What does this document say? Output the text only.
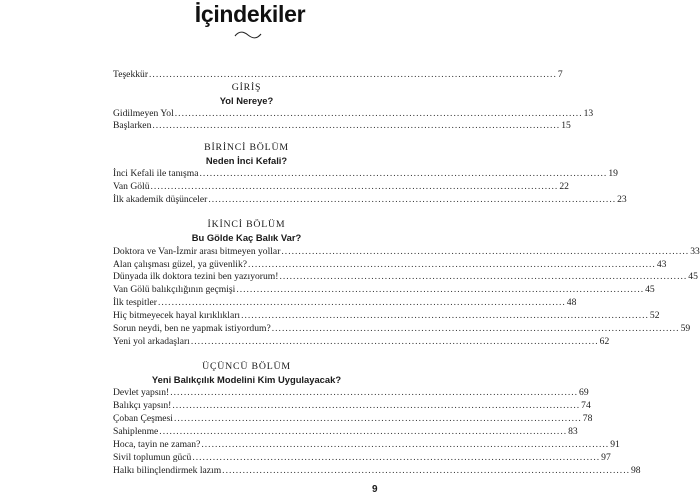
İçindekiler
Teşekkür ........................................................................................................................ 7
GİRİŞ
Yol Nereye?
Gidilmeyen Yol ........................................................................................................................ 13
Başlarken ........................................................................................................................ 15
BİRİNCİ BÖLÜM
Neden İnci Kefali?
İnci Kefali ile tanışma ........................................................................................................................ 19
Van Gölü ........................................................................................................................ 22
İlk akademik düşünceler ........................................................................................................................ 23
İKİNCİ BÖLÜM
Bu Gölde Kaç Balık Var?
Doktora ve Van-İzmir arası bitmeyen yollar ........................................................................................................................ 33
Alan çalışması güzel, ya güvenlik? ........................................................................................................................ 43
Dünyada ilk doktora tezini ben yazıyorum! ........................................................................................................................ 45
Van Gölü balıkçılığının geçmişi ........................................................................................................................ 45
İlk tespitler ........................................................................................................................ 48
Hiç bitmeyecek hayal kırıklıkları ........................................................................................................................ 52
Sorun neydi, ben ne yapmak istiyordum? ........................................................................................................................ 59
Yeni yol arkadaşları ........................................................................................................................ 62
ÜÇÜNCÜ BÖLÜM
Yeni Balıkçılık Modelini Kim Uygulayacak?
Devlet yapsın! ........................................................................................................................ 69
Balıkçı yapsın! ........................................................................................................................ 74
Çoban Çeşmesi ........................................................................................................................ 78
Sahiplenme ........................................................................................................................ 83
Hoca, tayin ne zaman? ........................................................................................................................ 91
Sivil toplumun gücü ........................................................................................................................ 97
Halkı bilinçlendirmek lazım ........................................................................................................................ 98
9
